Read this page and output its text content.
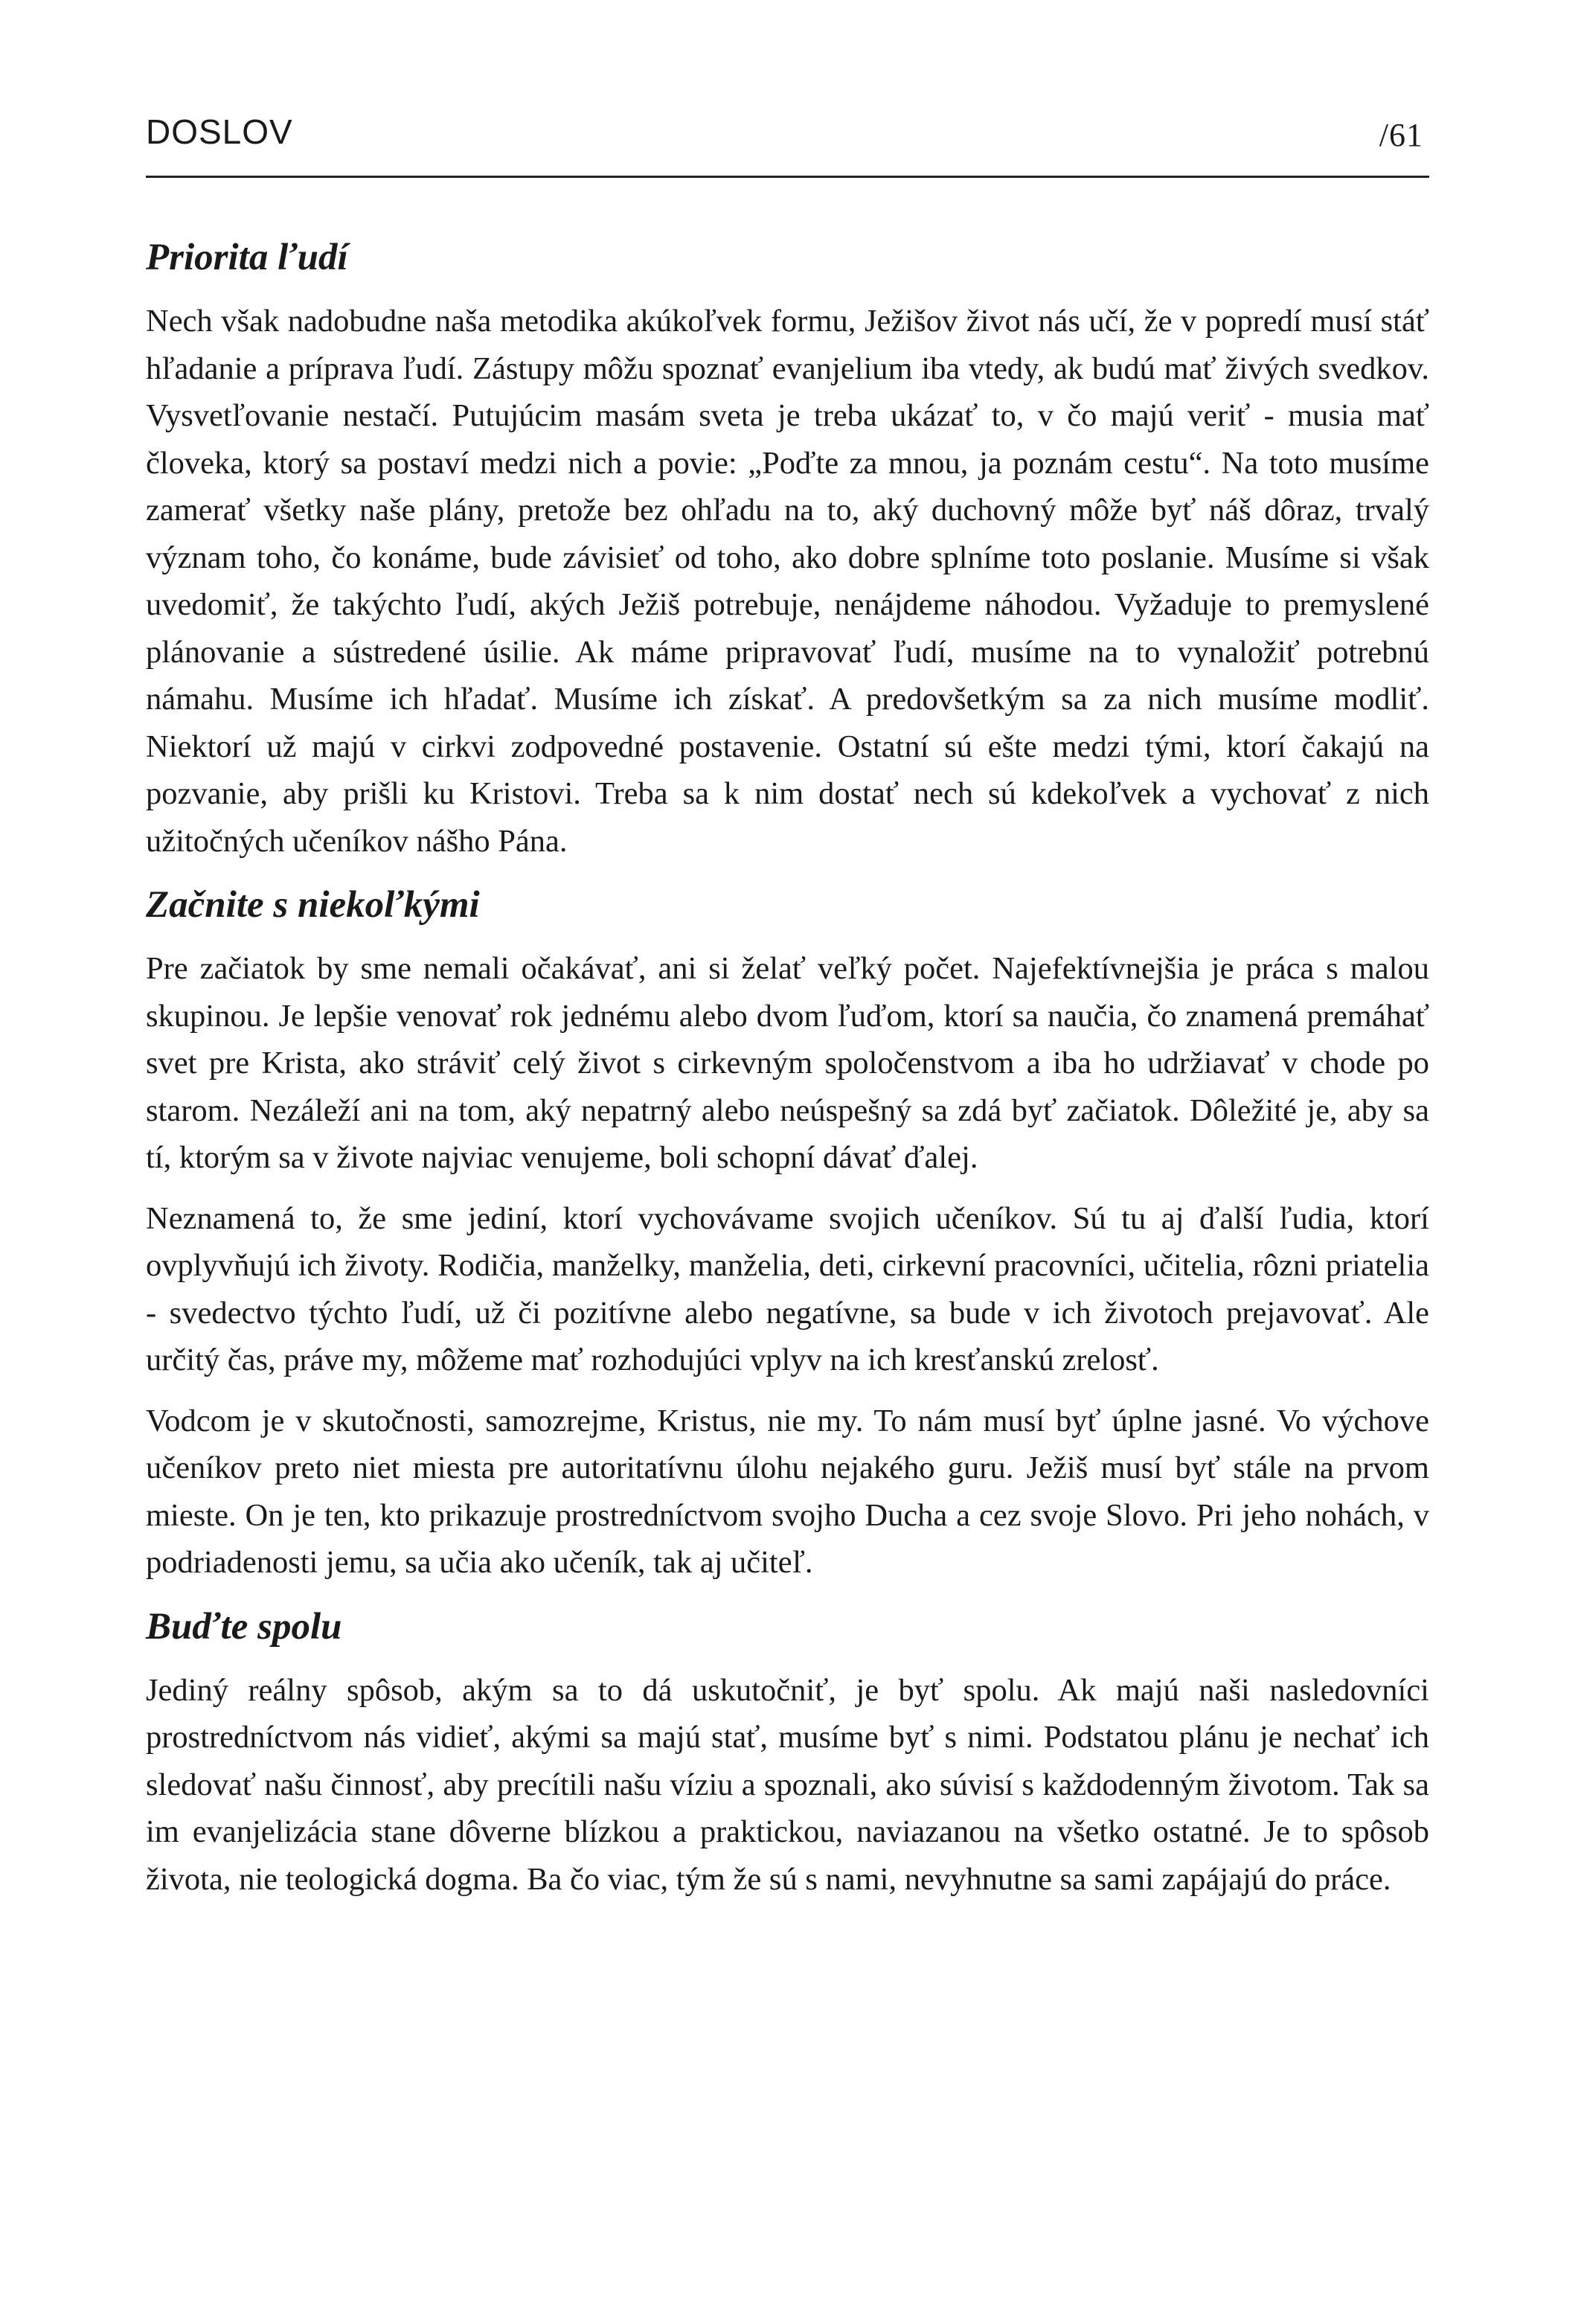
DOSLOV	/61
Priorita ľudí

Nech však nadobudne naša metodika akúkoľvek formu, Ježišov život nás učí, že v popredí musí stáť hľadanie a príprava ľudí. Zástupy môžu spoznať evanjelium iba vtedy, ak budú mať živých svedkov. Vysvetľovanie nestačí. Putujúcim masám sveta je treba ukázať to, v čo majú veriť - musia mať človeka, ktorý sa postaví medzi nich a povie: „Poďte za mnou, ja poznám cestu“. Na toto musíme zamerať všetky naše plány, pretože bez ohľadu na to, aký duchovný môže byť náš dôraz, trvalý význam toho, čo konáme, bude závisieť od toho, ako dobre splníme toto poslanie. Musíme si však uvedomiť, že takýchto ľudí, akých Ježiš potrebuje, nenájdeme náhodou. Vyžaduje to premyslené plánovanie a sústredené úsilie. Ak máme pripravovať ľudí, musíme na to vynaložiť potrebnú námahu. Musíme ich hľadať. Musíme ich získať. A predovšetkým sa za nich musíme modliť. Niektorí už majú v cirkvi zodpovedné postavenie. Ostatní sú ešte medzi tými, ktorí čakajú na pozvanie, aby prišli ku Kristovi. Treba sa k nim dostať nech sú kdekoľvek a vychovať z nich užitočných učeníkov nášho Pána.

Začnite s niekoľkými

Pre začiatok by sme nemali očakávať, ani si želať veľký počet. Najefektívnejšia je práca s malou skupinou. Je lepšie venovať rok jednému alebo dvom ľuďom, ktorí sa naučia, čo znamená premáhať svet pre Krista, ako stráviť celý život s cirkevným spoločenstvom a iba ho udržiavať v chode po starom. Nezáleží ani na tom, aký nepatrný alebo neúspešný sa zdá byť začiatok. Dôležité je, aby sa tí, ktorým sa v živote najviac venujeme, boli schopní dávať ďalej.

Neznamená to, že sme jediní, ktorí vychovávame svojich učeníkov. Sú tu aj ďalší ľudia, ktorí ovplyvňujú ich životy. Rodičia, manželky, manželia, deti, cirkevní pracovníci, učitelia, rôzni priatelia - svedectvo týchto ľudí, už či pozitívne alebo negatívne, sa bude v ich životoch prejavovať. Ale určitý čas, práve my, môžeme mať rozhodujúci vplyv na ich kresťanskú zrelosť.

Vodcom je v skutočnosti, samozrejme, Kristus, nie my. To nám musí byť úplne jasné. Vo výchove učeníkov preto niet miesta pre autoritatívnu úlohu nejakého guru. Ježiš musí byť stále na prvom mieste. On je ten, kto prikazuje prostredníctvom svojho Ducha a cez svoje Slovo. Pri jeho nohách, v podriadenosti jemu, sa učia ako učeník, tak aj učiteľ.

Buďte spolu

Jediný reálny spôsob, akým sa to dá uskutočniť, je byť spolu. Ak majú naši nasledovníci prostredníctvom nás vidieť, akými sa majú stať, musíme byť s nimi. Podstatou plánu je nechať ich sledovať našu činnosť, aby precítili našu víziu a spoznali, ako súvisí s každodenným životom. Tak sa im evanjelizácia stane dôverne blízkou a praktickou, naviazanou na všetko ostatné. Je to spôsob života, nie teologická dogma. Ba čo viac, tým že sú s nami, nevyhnutne sa sami zapájajú do práce.
